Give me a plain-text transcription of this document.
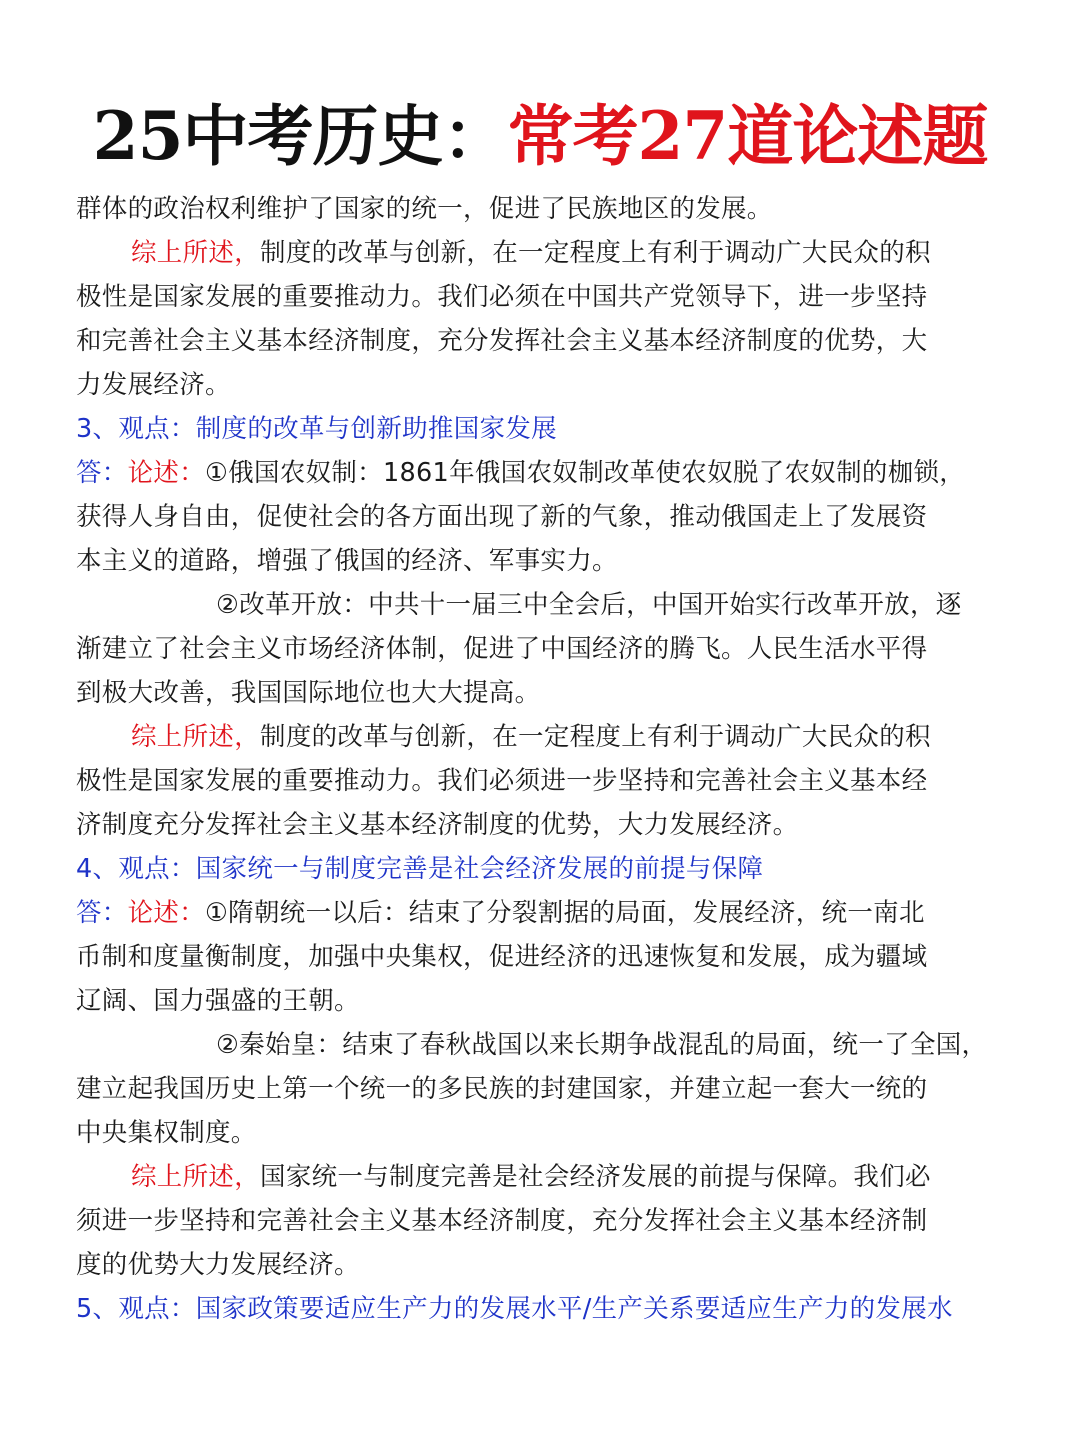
25中考历史：常考27道论述题
群体的政治权利维护了国家的统一，促进了民族地区的发展。
综上所述，制度的改革与创新，在一定程度上有利于调动广大民众的积
极性是国家发展的重要推动力。我们必须在中国共产党领导下，进一步坚持
和完善社会主义基本经济制度，充分发挥社会主义基本经济制度的优势，大
力发展经济。
3、观点：制度的改革与创新助推国家发展
答：论述：①俄国农奴制：1861年俄国农奴制改革使农奴脱了农奴制的枷锁，
获得人身自由，促使社会的各方面出现了新的气象，推动俄国走上了发展资
本主义的道路，增强了俄国的经济、军事实力。
②改革开放：中共十一届三中全会后，中国开始实行改革开放，逐
渐建立了社会主义市场经济体制，促进了中国经济的腾飞。人民生活水平得
到极大改善，我国国际地位也大大提高。
综上所述，制度的改革与创新，在一定程度上有利于调动广大民众的积
极性是国家发展的重要推动力。我们必须进一步坚持和完善社会主义基本经
济制度充分发挥社会主义基本经济制度的优势，大力发展经济。
4、观点：国家统一与制度完善是社会经济发展的前提与保障
答：论述：①隋朝统一以后：结束了分裂割据的局面，发展经济，统一南北
币制和度量衡制度，加强中央集权，促进经济的迅速恢复和发展，成为疆域
辽阔、国力强盛的王朝。
②秦始皇：结束了春秋战国以来长期争战混乱的局面，统一了全国，
建立起我国历史上第一个统一的多民族的封建国家，并建立起一套大一统的
中央集权制度。
综上所述，国家统一与制度完善是社会经济发展的前提与保障。我们必
须进一步坚持和完善社会主义基本经济制度，充分发挥社会主义基本经济制
度的优势大力发展经济。
5、观点：国家政策要适应生产力的发展水平/生产关系要适应生产力的发展水
